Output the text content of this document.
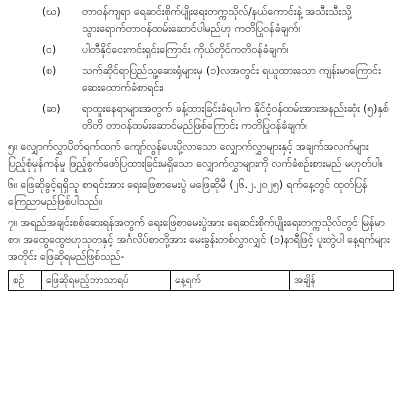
(ဃ)	တာဝန်ကျရာ ရေဆင်းစိုက်ပျိုးရေးတက္ကသိုလ်/နယ်ကောင်းနဲ့ အသီးသီးသို့ သွားရောက်တာဝန်ထမ်းဆောင်ပါမည်ဟု ကတိပြုဝန်ခံချက်၊
(င)	ပါတီနိုင်ငေးကင်းရှင်းကြောင်း ကိုယ်တိုင်ကတိဝန်ခံချက်၊
(စ)	သက်ဆိုင်ရာပြည်သူ့ဆေးရုံများမှ (၁)လအတွင်း ရယူထားသော ကျန်းမာကြောင်းဆေးထောက်ခံစာရင်း၊
(ဆ)	ရာထူးနေရာများအတွက် ခန့်ထားခြင်းခံရပါက နိုင်ငံ့ဝန်ထမ်းအားအနည်းဆုံး (၅)နှစ်တိတိ တာဝန်ထမ်းဆောင်မည်ဖြစ်ကြောင်း ကတိပြုဝန်ခံချက်၊
၅။ လျှောက်လွှာပိတ်ရက်ထက် ကျော်လွန်ပေးပို့လာသော လျှောက်လွှာများနှင့် အချက်အလက်များ ပြည့်စုံမှန်ကန်မှု ဖြည့်စွက်ဖော်ပြထားခြင်းမရှိသော လျှောက်လွှာများကို လက်ခံစဉ်းစားမည် မဟုတ်ပါ။
၆။ ဖြေဆိုခွင့်ရရှိသူ စာရင်းအား ရေးဖြေစာမေးပွဲ မဖြေဆိုမီ (၂၆.၂.၂၀၂၅) ရက်နေ့တွင် ထုတ်ပြန် ကြေညာမည်ဖြစ်ပါသည်။
၇။ အရည်အချင်းစစ်ဆေးရန်အတွက် ရေးဖြေစာမေးပွဲအား ရေဆင်းစိုက်ပျိုးရေးတက္ကသိုလ်တွင် မြန်မာစာ၊ အထွေထွေဗဟုသုတနှင့် အင်္ဂလိပ်စာတို့အား မေးခွန်းတစ်လွှာလျှင် (၁)နာရီဖြင့် ပူးတွဲပါ နေ့ရက်များအတိုင်း ဖြေဆိုရမည်ဖြစ်သည်-
စဉ်	ဖြေဆိုရမည့်ဘာသာရပ်	နေ့ရက်	အချိန်
